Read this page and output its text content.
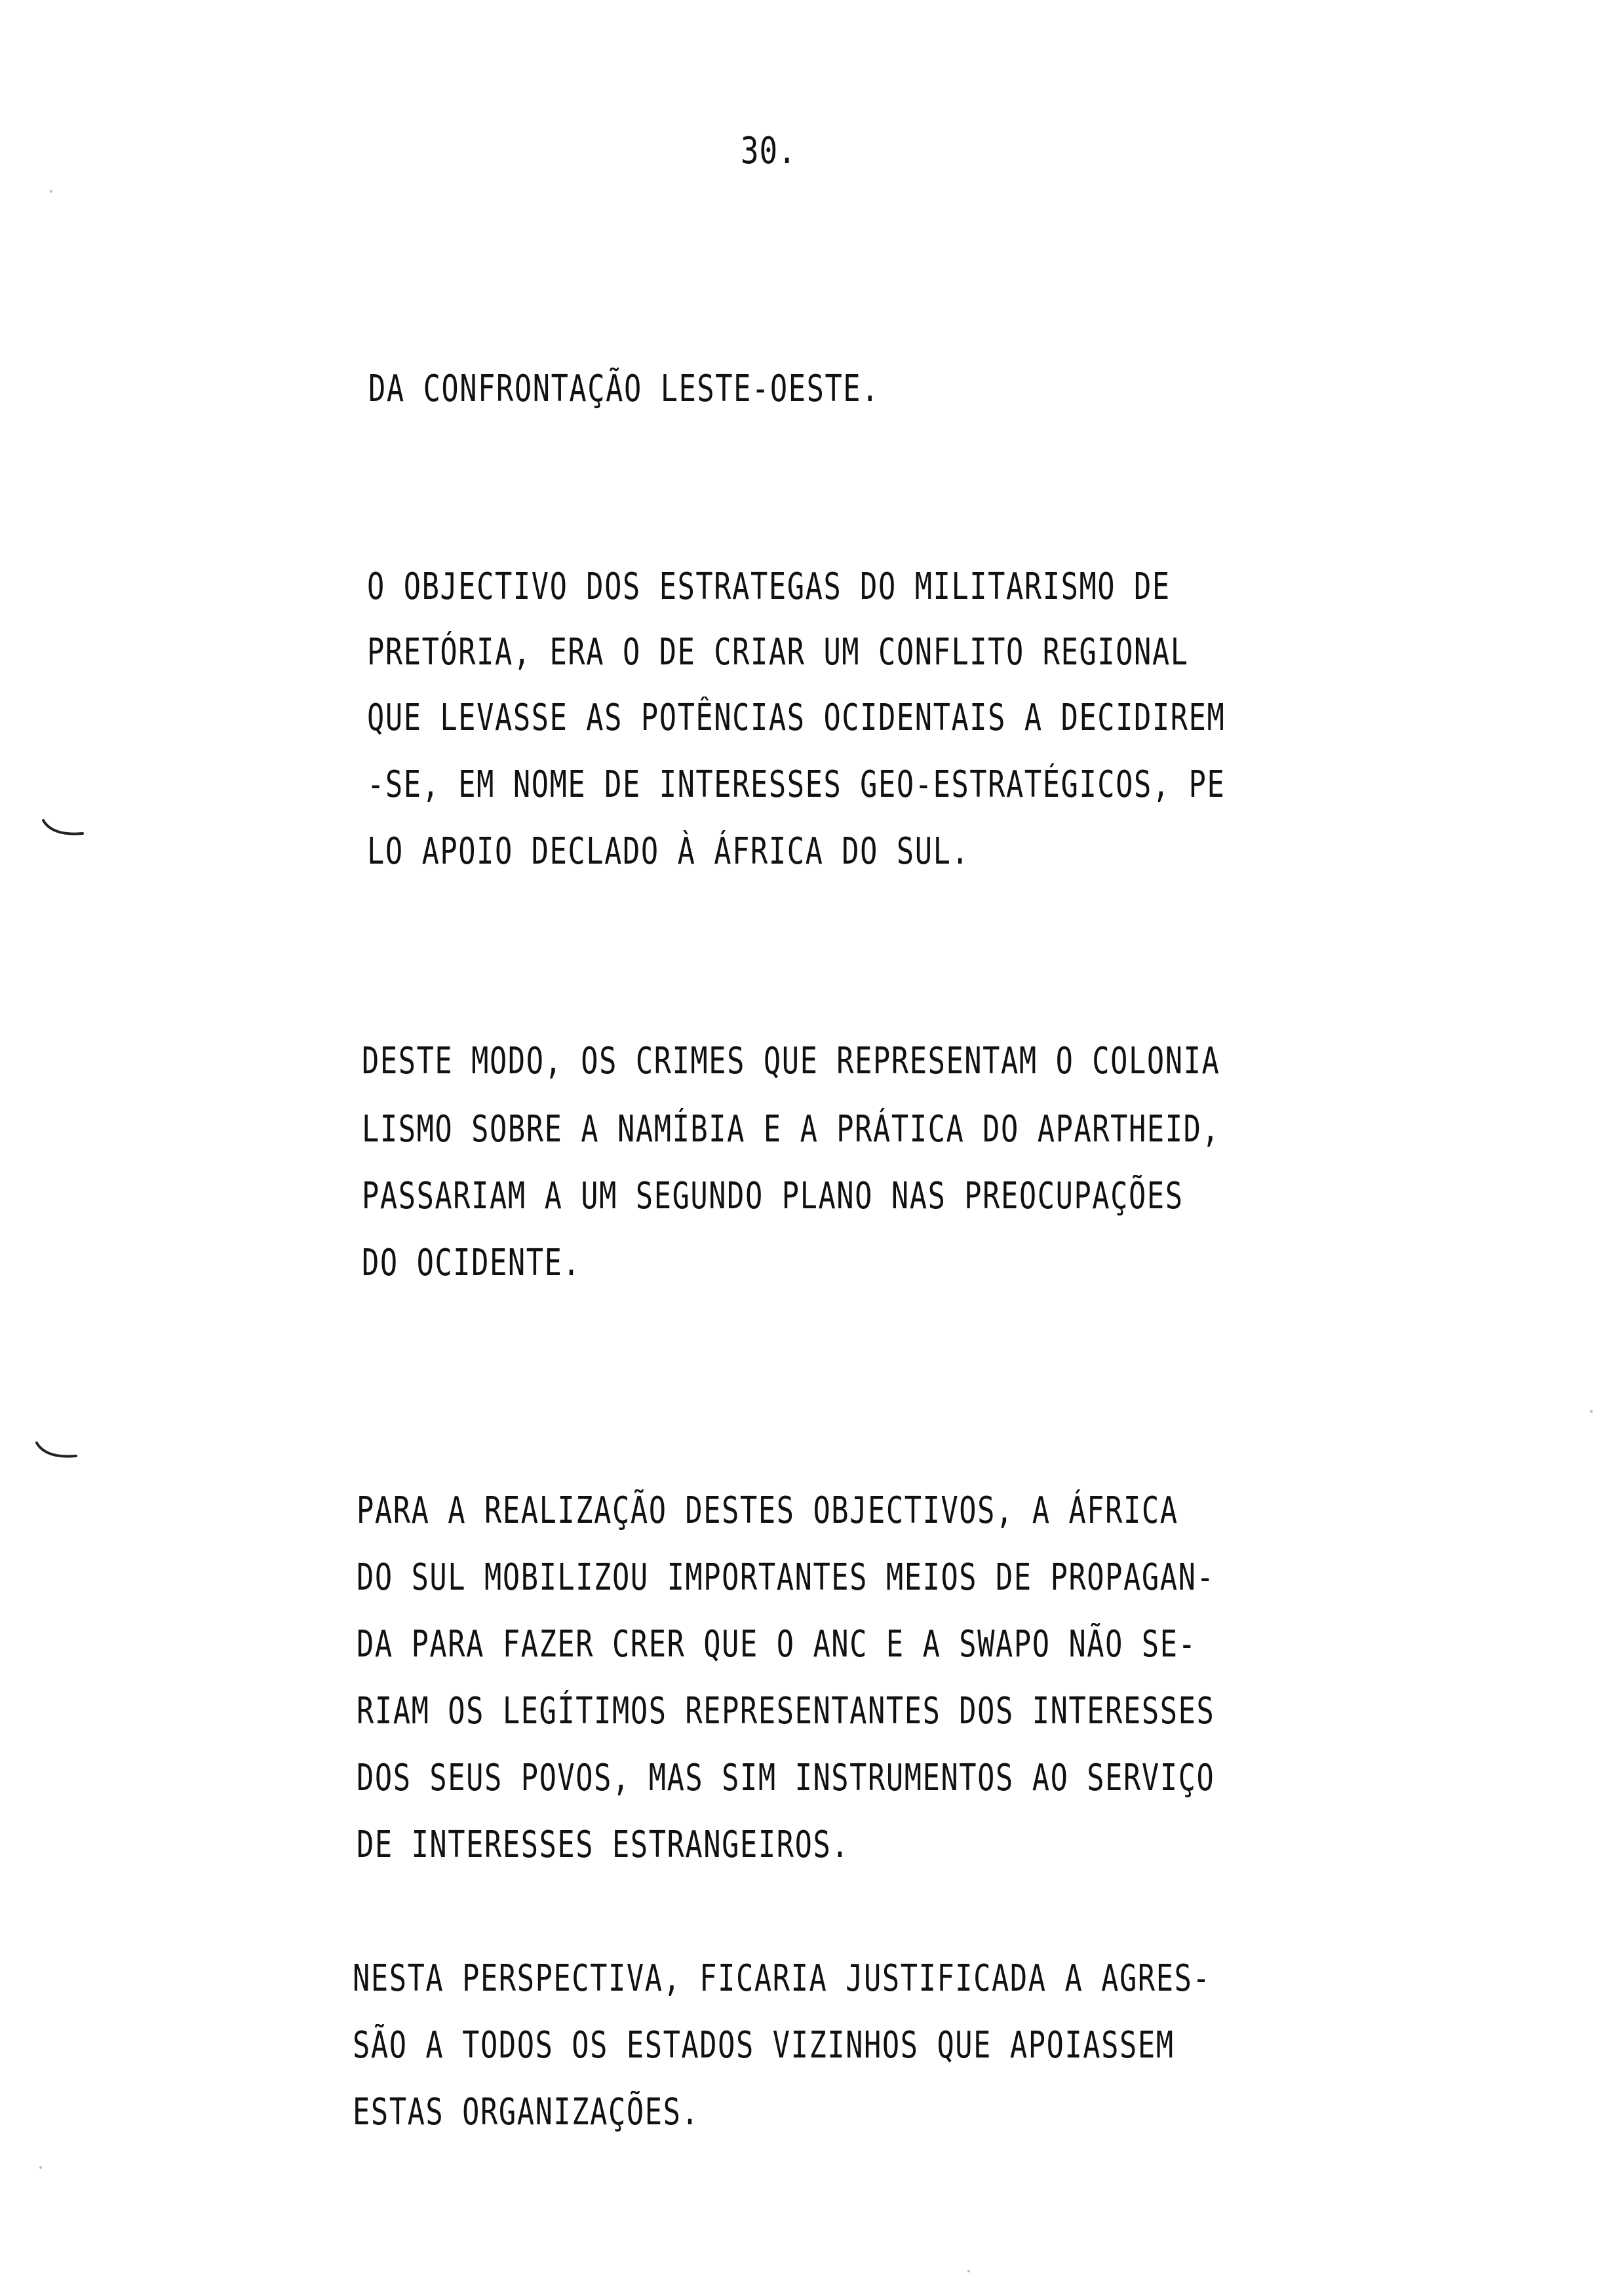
30.
DA CONFRONTAÇÃO LESTE-OESTE.
O OBJECTIVO DOS ESTRATEGAS DO MILITARISMO DE
PRETÓRIA, ERA O DE CRIAR UM CONFLITO REGIONAL
QUE LEVASSE AS POTÊNCIAS OCIDENTAIS A DECIDIREM
-SE, EM NOME DE INTERESSES GEO-ESTRATÉGICOS, PE
LO APOIO DECLADO À ÁFRICA DO SUL.
DESTE MODO, OS CRIMES QUE REPRESENTAM O COLONIA
LISMO SOBRE A NAMÍBIA E A PRÁTICA DO APARTHEID,
PASSARIAM A UM SEGUNDO PLANO NAS PREOCUPAÇÕES
DO OCIDENTE.
PARA A REALIZAÇÃO DESTES OBJECTIVOS, A ÁFRICA
DO SUL MOBILIZOU IMPORTANTES MEIOS DE PROPAGAN-
DA PARA FAZER CRER QUE O ANC E A SWAPO NÃO SE-
RIAM OS LEGÍTIMOS REPRESENTANTES DOS INTERESSES
DOS SEUS POVOS, MAS SIM INSTRUMENTOS AO SERVIÇO
DE INTERESSES ESTRANGEIROS.
NESTA PERSPECTIVA, FICARIA JUSTIFICADA A AGRES-
SÃO A TODOS OS ESTADOS VIZINHOS QUE APOIASSEM
ESTAS ORGANIZAÇÕES.
